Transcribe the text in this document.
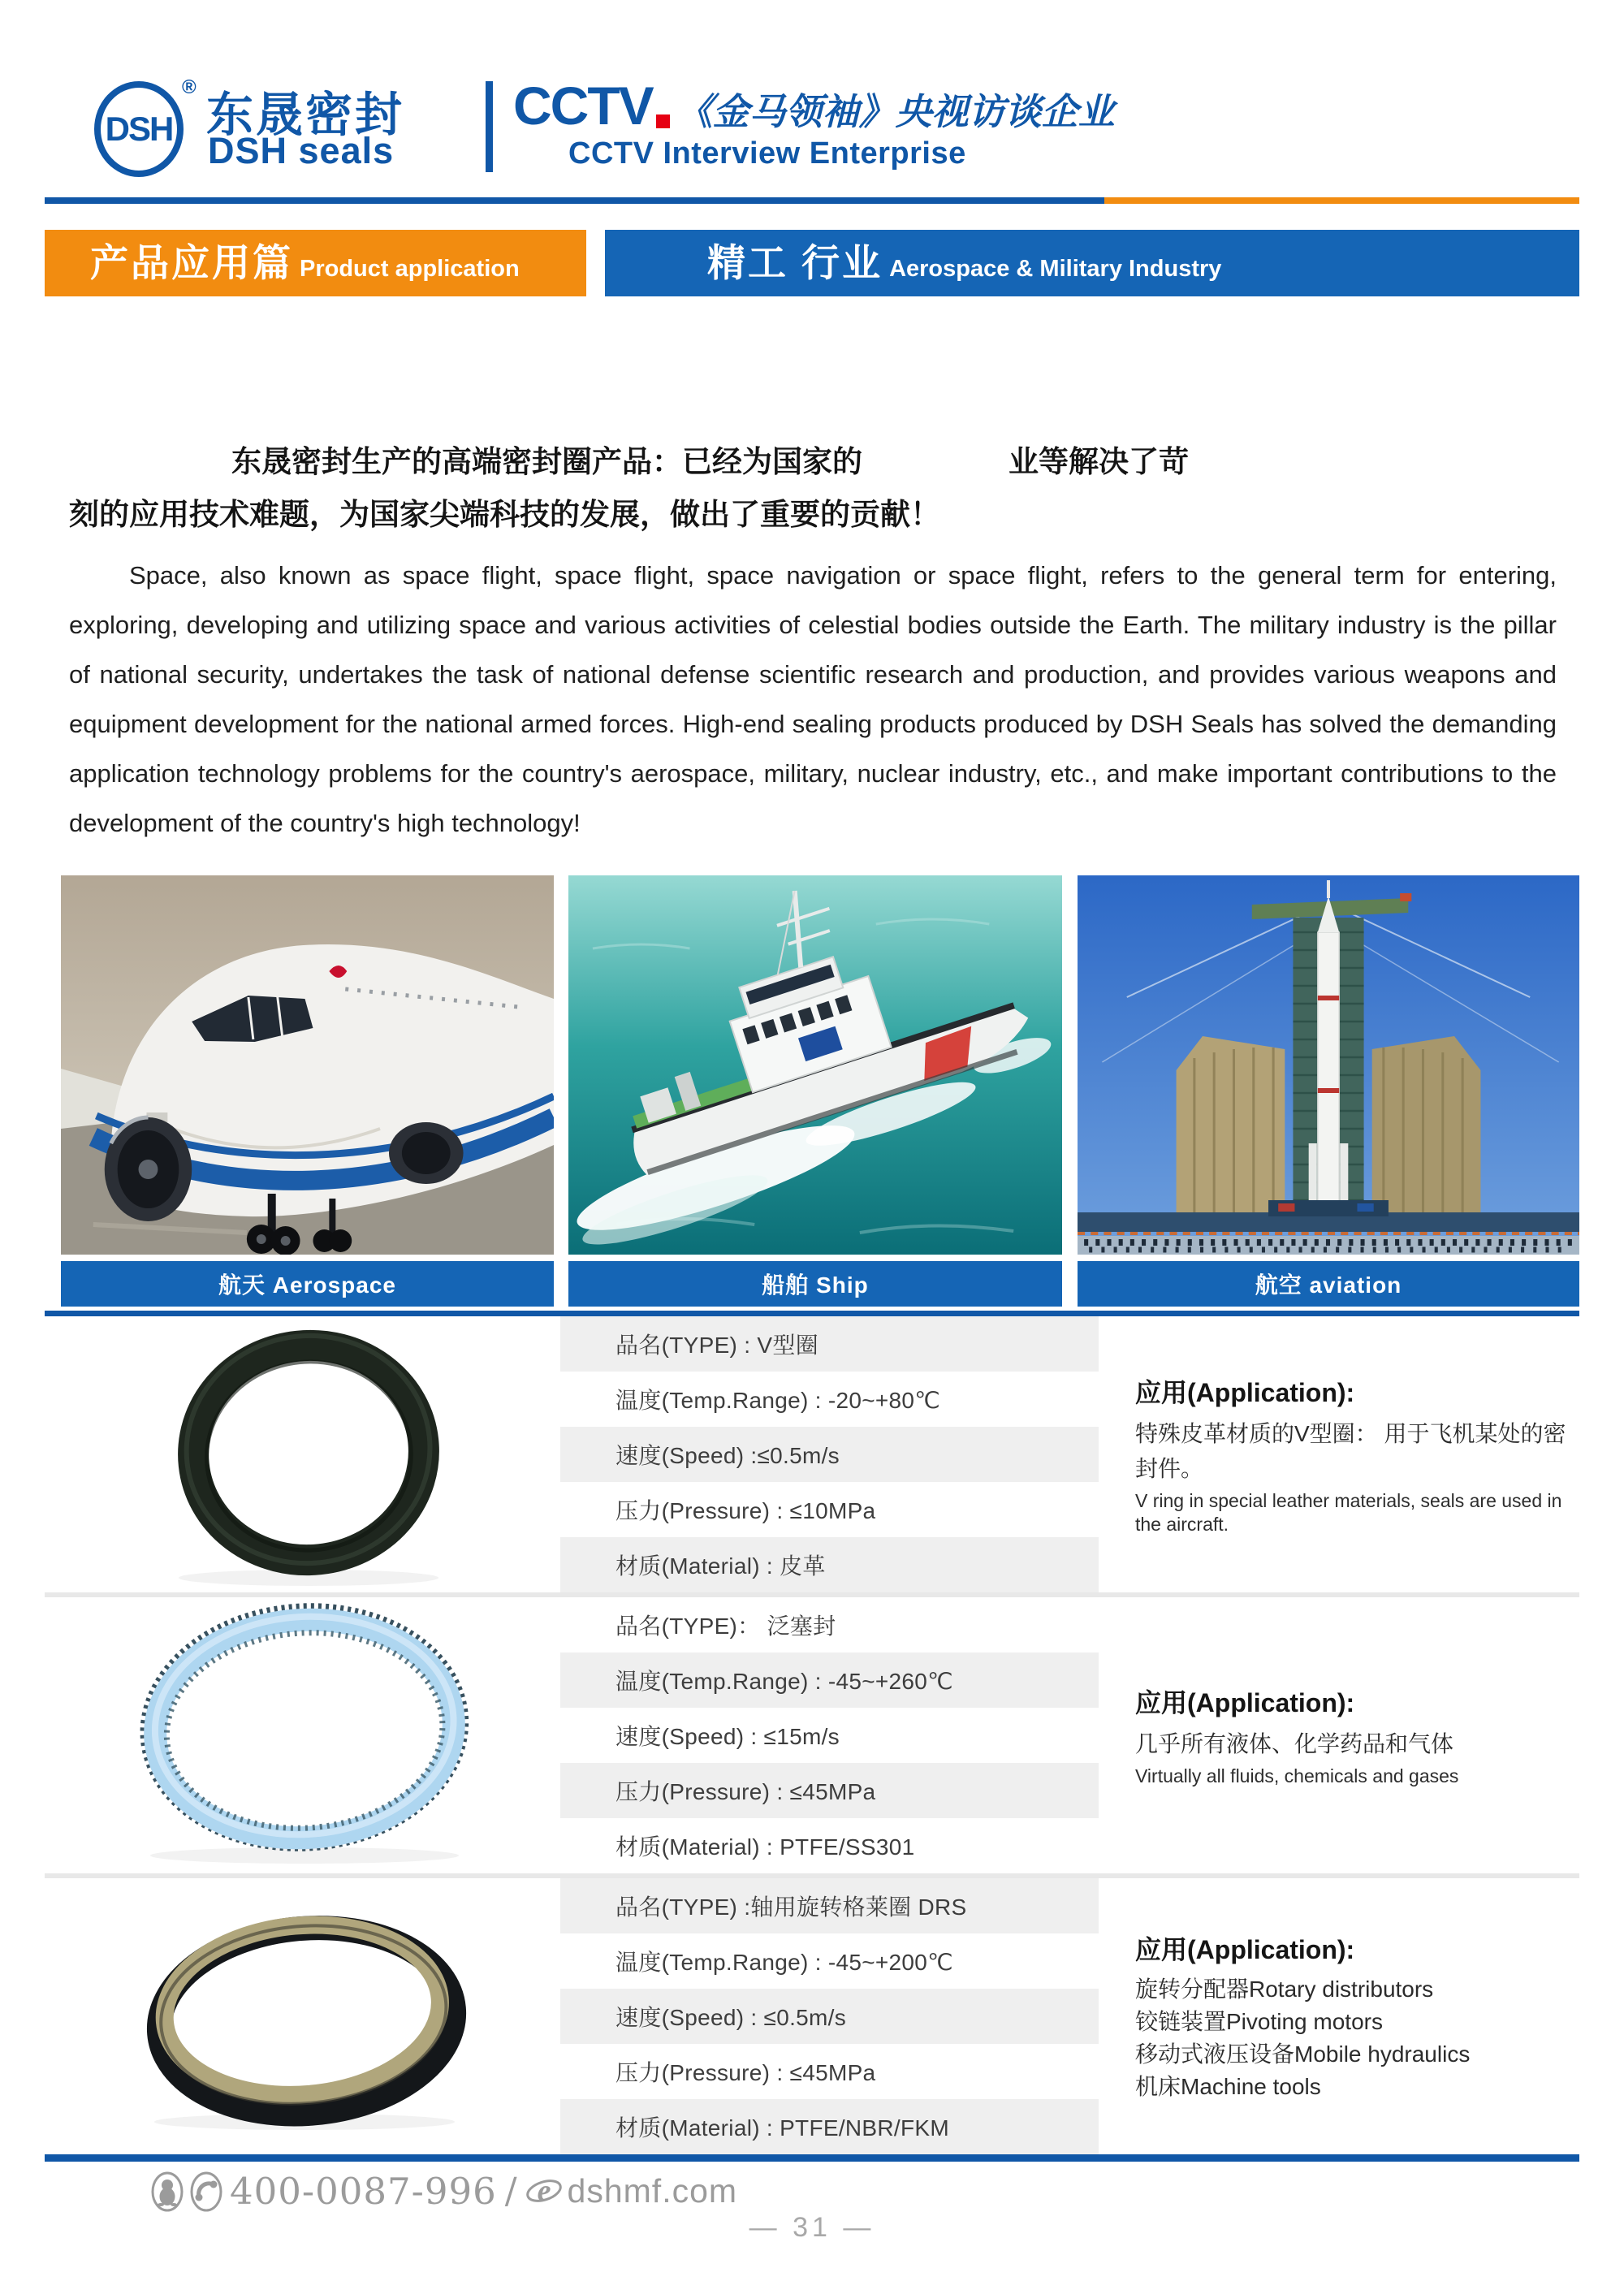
DSH
®
东晟密封
DSH seals
CCTV 《金马领袖》央视访谈企业
CCTV Interview Enterprise
产品应用篇 Product application	精工 行业 Aerospace & Military Industry
东晟密封生产的高端密封圈产品：已经为国家的	业等解决了苛
刻的应用技术难题，为国家尖端科技的发展，做出了重要的贡献！

Space, also known as space flight, space flight, space navigation or space flight, refers to the general term for entering, exploring, developing and utilizing space and various activities of celestial bodies outside the Earth. The military industry is the pillar of national security, undertakes the task of national defense scientific research and production, and provides various weapons and equipment development for the national armed forces. High-end sealing products produced by DSH Seals has solved the demanding application technology problems for the country's aerospace, military, nuclear industry, etc., and make important contributions to the development of the country's high technology!

航天 Aerospace	船舶 Ship	航空 aviation
品名(TYPE) : V型圈
温度(Temp.Range) : -20~+80℃
速度(Speed) :≤0.5m/s
压力(Pressure) : ≤10MPa
材质(Material) : 皮革
应用(Application):
特殊皮革材质的V型圈： 用于飞机某处的密封件。
V ring in special leather materials, seals are used in the aircraft.
品名(TYPE)： 泛塞封
温度(Temp.Range) : -45~+260℃
速度(Speed) : ≤15m/s
压力(Pressure) : ≤45MPa
材质(Material) : PTFE/SS301
应用(Application):
几乎所有液体、化学药品和气体
Virtually all fluids, chemicals and gases
品名(TYPE) :轴用旋转格莱圈 DRS
温度(Temp.Range) : -45~+200℃
速度(Speed) : ≤0.5m/s
压力(Pressure) : ≤45MPa
材质(Material) : PTFE/NBR/FKM
应用(Application):
旋转分配器Rotary distributors
铰链装置Pivoting motors
移动式液压设备Mobile hydraulics
机床Machine tools
400-0087-996 / e dshmf.com
— 31 —
